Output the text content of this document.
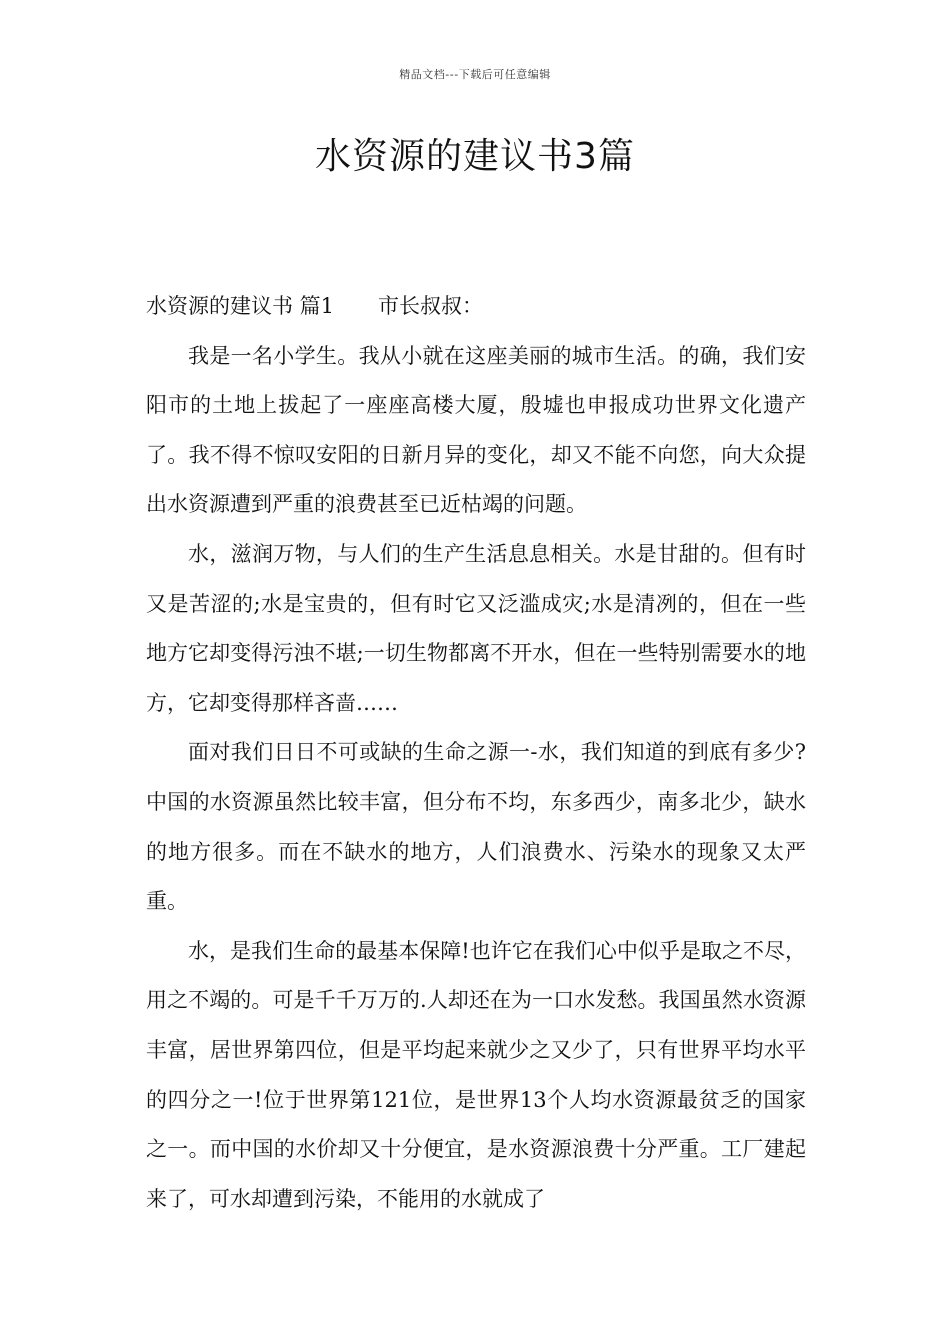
精品文档---下载后可任意编辑
水资源的建议书3篇

水资源的建议书 篇1 市长叔叔：

我是一名小学生。我从小就在这座美丽的城市生活。的确，我们安阳市的土地上拔起了一座座高楼大厦，殷墟也申报成功世界文化遗产了。我不得不惊叹安阳的日新月异的变化，却又不能不向您，向大众提出水资源遭到严重的浪费甚至已近枯竭的问题。

水，滋润万物，与人们的生产生活息息相关。水是甘甜的。但有时又是苦涩的;水是宝贵的，但有时它又泛滥成灾;水是清冽的，但在一些地方它却变得污浊不堪;一切生物都离不开水，但在一些特别需要水的地方，它却变得那样吝啬……

面对我们日日不可或缺的生命之源一-水，我们知道的到底有多少?中国的水资源虽然比较丰富，但分布不均，东多西少，南多北少，缺水的地方很多。而在不缺水的地方，人们浪费水、污染水的现象又太严重。

水，是我们生命的最基本保障!也许它在我们心中似乎是取之不尽，用之不竭的。可是千千万万的.人却还在为一口水发愁。我国虽然水资源丰富，居世界第四位，但是平均起来就少之又少了，只有世界平均水平的四分之一!位于世界第121位，是世界13个人均水资源最贫乏的国家之一。而中国的水价却又十分便宜，是水资源浪费十分严重。工厂建起来了，可水却遭到污染，不能用的水就成了
